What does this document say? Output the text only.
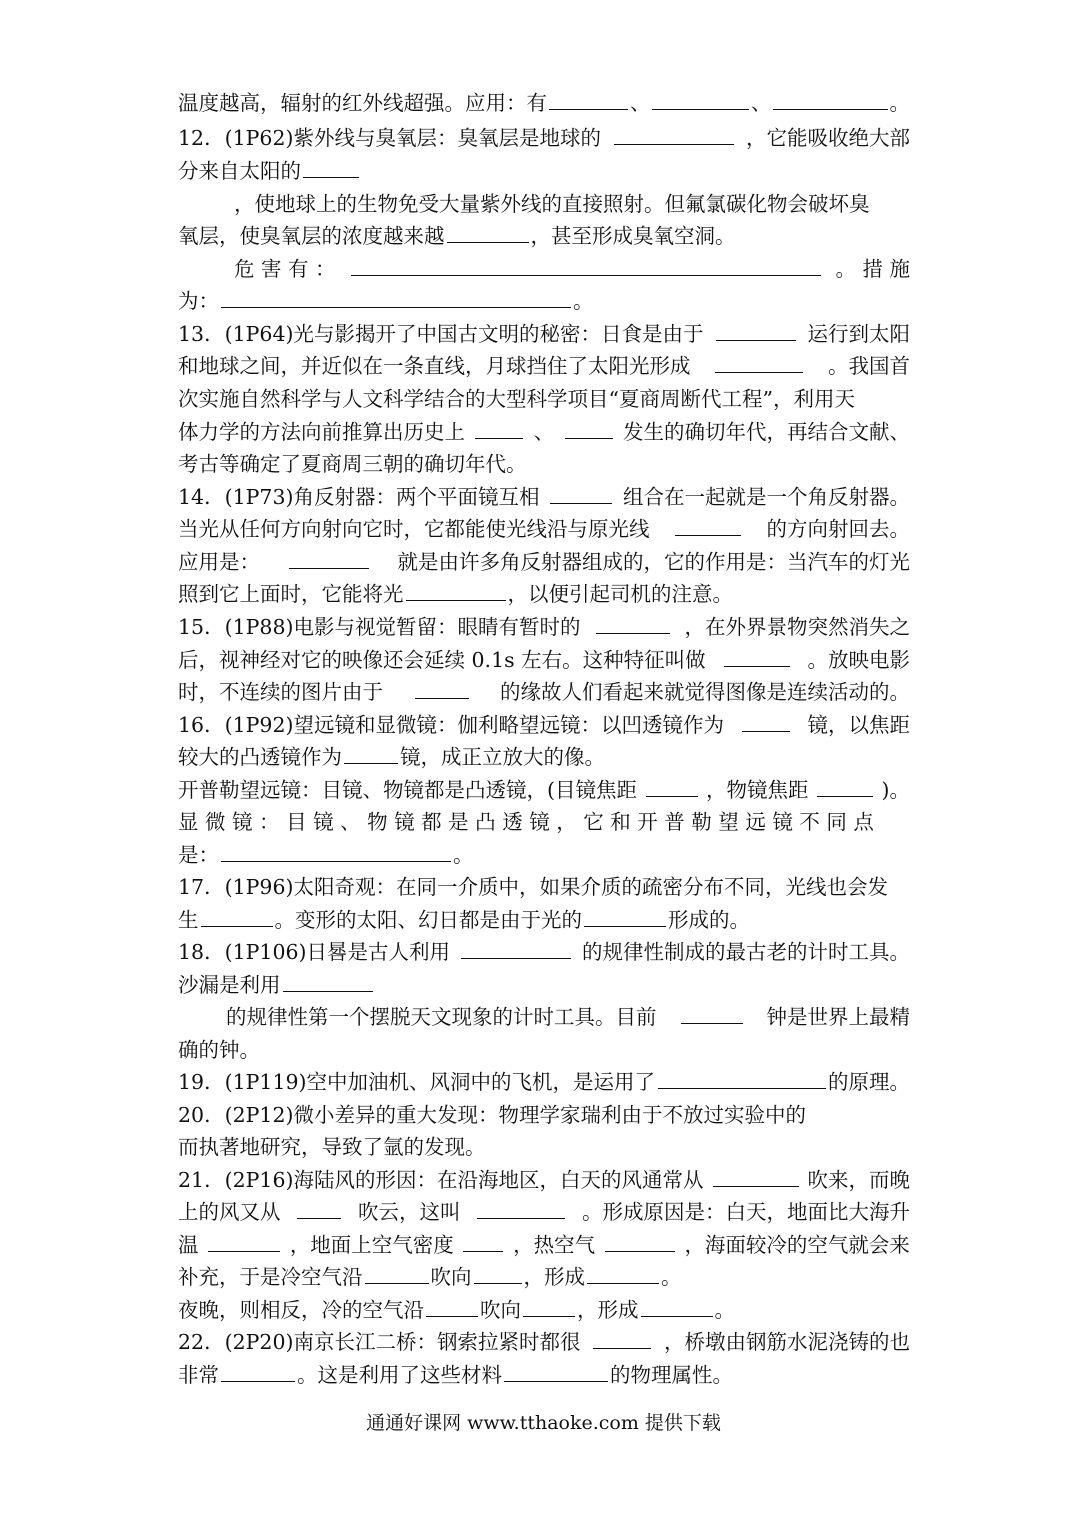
温度越高，辐射的红外线超强。应用：有	、	、	。
12．(1P62)紫外线与臭氧层：臭氧层是地球的	，它能吸收绝大部
分来自太阳的
，使地球上的生物免受大量紫外线的直接照射。但氟氯碳化物会破坏臭
氧层，使臭氧层的浓度越来越	，甚至形成臭氧空洞。
危 害 有 ：	。 措 施
为：	。
13．(1P64)光与影揭开了中国古文明的秘密：日食是由于	运行到太阳
和地球之间，并近似在一条直线，月球挡住了太阳光形成	。我国首
次实施自然科学与人文科学结合的大型科学项目“夏商周断代工程”，利用天
体力学的方法向前推算出历史上	、	发生的确切年代，再结合文献、
考古等确定了夏商周三朝的确切年代。
14．(1P73)角反射器：两个平面镜互相	组合在一起就是一个角反射器。
当光从任何方向射向它时，它都能使光线沿与原光线	的方向射回去。
应用是：	就是由许多角反射器组成的，它的作用是：当汽车的灯光
照到它上面时，它能将光	，以便引起司机的注意。
15．(1P88)电影与视觉暂留：眼睛有暂时的	，在外界景物突然消失之
后，视神经对它的映像还会延续 0.1s 左右。这种特征叫做	。放映电影
时，不连续的图片由于	的缘故人们看起来就觉得图像是连续活动的。
16．(1P92)望远镜和显微镜：伽利略望远镜：以凹透镜作为	镜，以焦距
较大的凸透镜作为	镜，成正立放大的像。
开普勒望远镜：目镜、物镜都是凸透镜，(目镜焦距	，物镜焦距	)。
显 微 镜 ： 目 镜 、 物 镜 都 是 凸 透 镜 ， 它 和 开 普 勒 望 远 镜 不 同 点
是：	。
17．(1P96)太阳奇观：在同一介质中，如果介质的疏密分布不同，光线也会发
生	。变形的太阳、幻日都是由于光的	形成的。
18．(1P106)日晷是古人利用	的规律性制成的最古老的计时工具。
沙漏是利用
的规律性第一个摆脱天文现象的计时工具。目前	钟是世界上最精
确的钟。
19．(1P119)空中加油机、风洞中的飞机，是运用了	的原理。
20．(2P12)微小差异的重大发现：物理学家瑞利由于不放过实验中的
而执著地研究，导致了氩的发现。
21．(2P16)海陆风的形因：在沿海地区，白天的风通常从	吹来，而晚
上的风又从	吹云，这叫	。形成原因是：白天，地面比大海升
温	，地面上空气密度	，热空气	，海面较冷的空气就会来
补充，于是冷空气沿	吹向	，形成	。
夜晚，则相反，冷的空气沿	吹向	，形成	。
22．(2P20)南京长江二桥：钢索拉紧时都很	，桥墩由钢筋水泥浇铸的也
非常	。这是利用了这些材料	的物理属性。
通通好课网 www.tthaoke.com 提供下载
